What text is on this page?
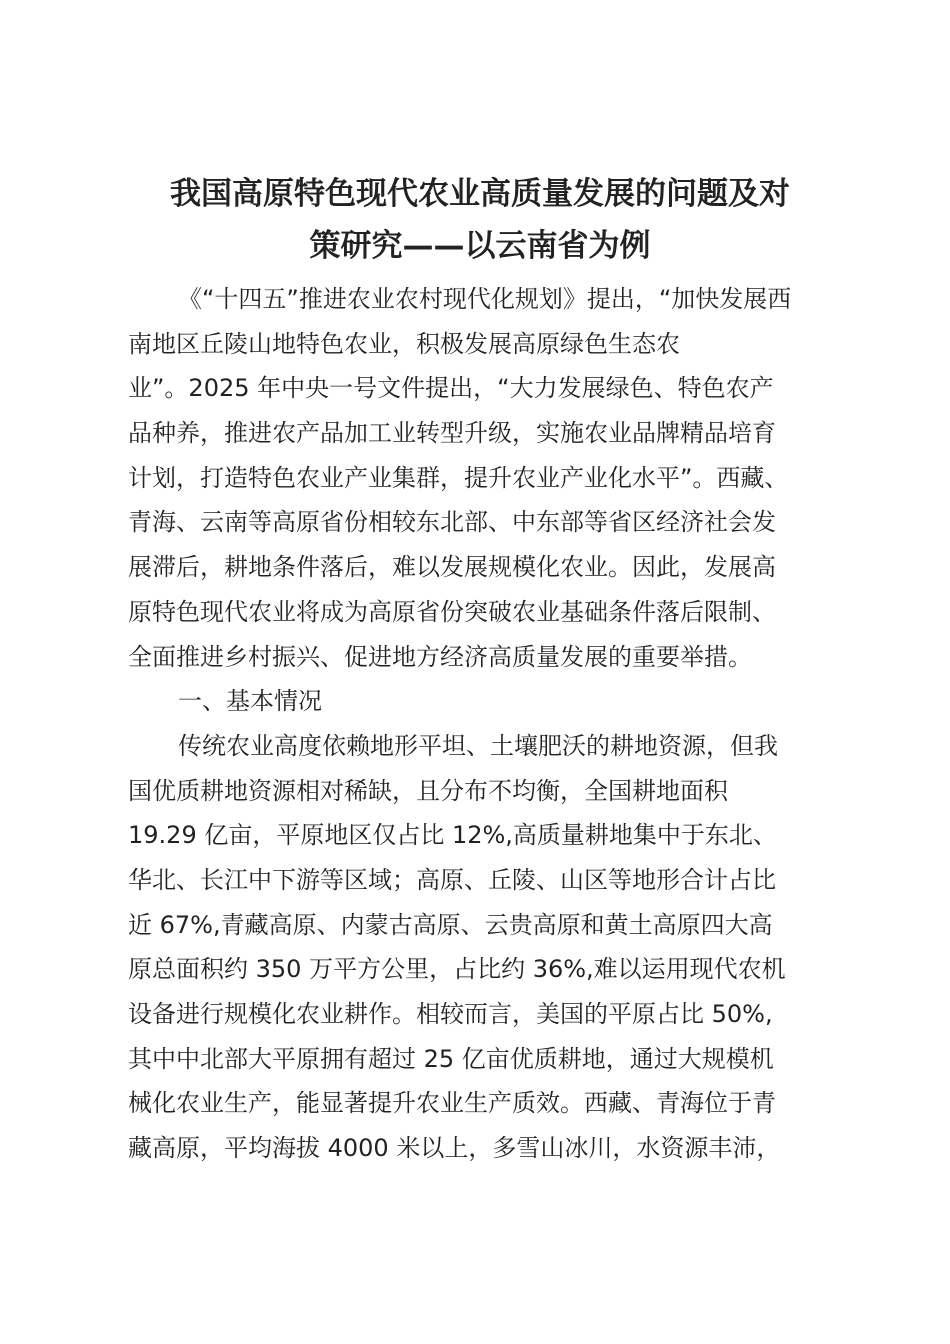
我国高原特色现代农业高质量发展的问题及对
策研究——以云南省为例
《“十四五”推进农业农村现代化规划》提出，“加快发展西
南地区丘陵山地特色农业，积极发展高原绿色生态农
业”。2025 年中央一号文件提出，“大力发展绿色、特色农产
品种养，推进农产品加工业转型升级，实施农业品牌精品培育
计划，打造特色农业产业集群，提升农业产业化水平”。西藏、
青海、云南等高原省份相较东北部、中东部等省区经济社会发
展滞后，耕地条件落后，难以发展规模化农业。因此，发展高
原特色现代农业将成为高原省份突破农业基础条件落后限制、
全面推进乡村振兴、促进地方经济高质量发展的重要举措。
一、基本情况
传统农业高度依赖地形平坦、土壤肥沃的耕地资源，但我
国优质耕地资源相对稀缺，且分布不均衡，全国耕地面积
19.29 亿亩，平原地区仅占比 12%,高质量耕地集中于东北、
华北、长江中下游等区域；高原、丘陵、山区等地形合计占比
近 67%,青藏高原、内蒙古高原、云贵高原和黄土高原四大高
原总面积约 350 万平方公里，占比约 36%,难以运用现代农机
设备进行规模化农业耕作。相较而言，美国的平原占比 50%,
其中中北部大平原拥有超过 25 亿亩优质耕地，通过大规模机
械化农业生产，能显著提升农业生产质效。西藏、青海位于青
藏高原，平均海拔 4000 米以上，多雪山冰川，水资源丰沛，
